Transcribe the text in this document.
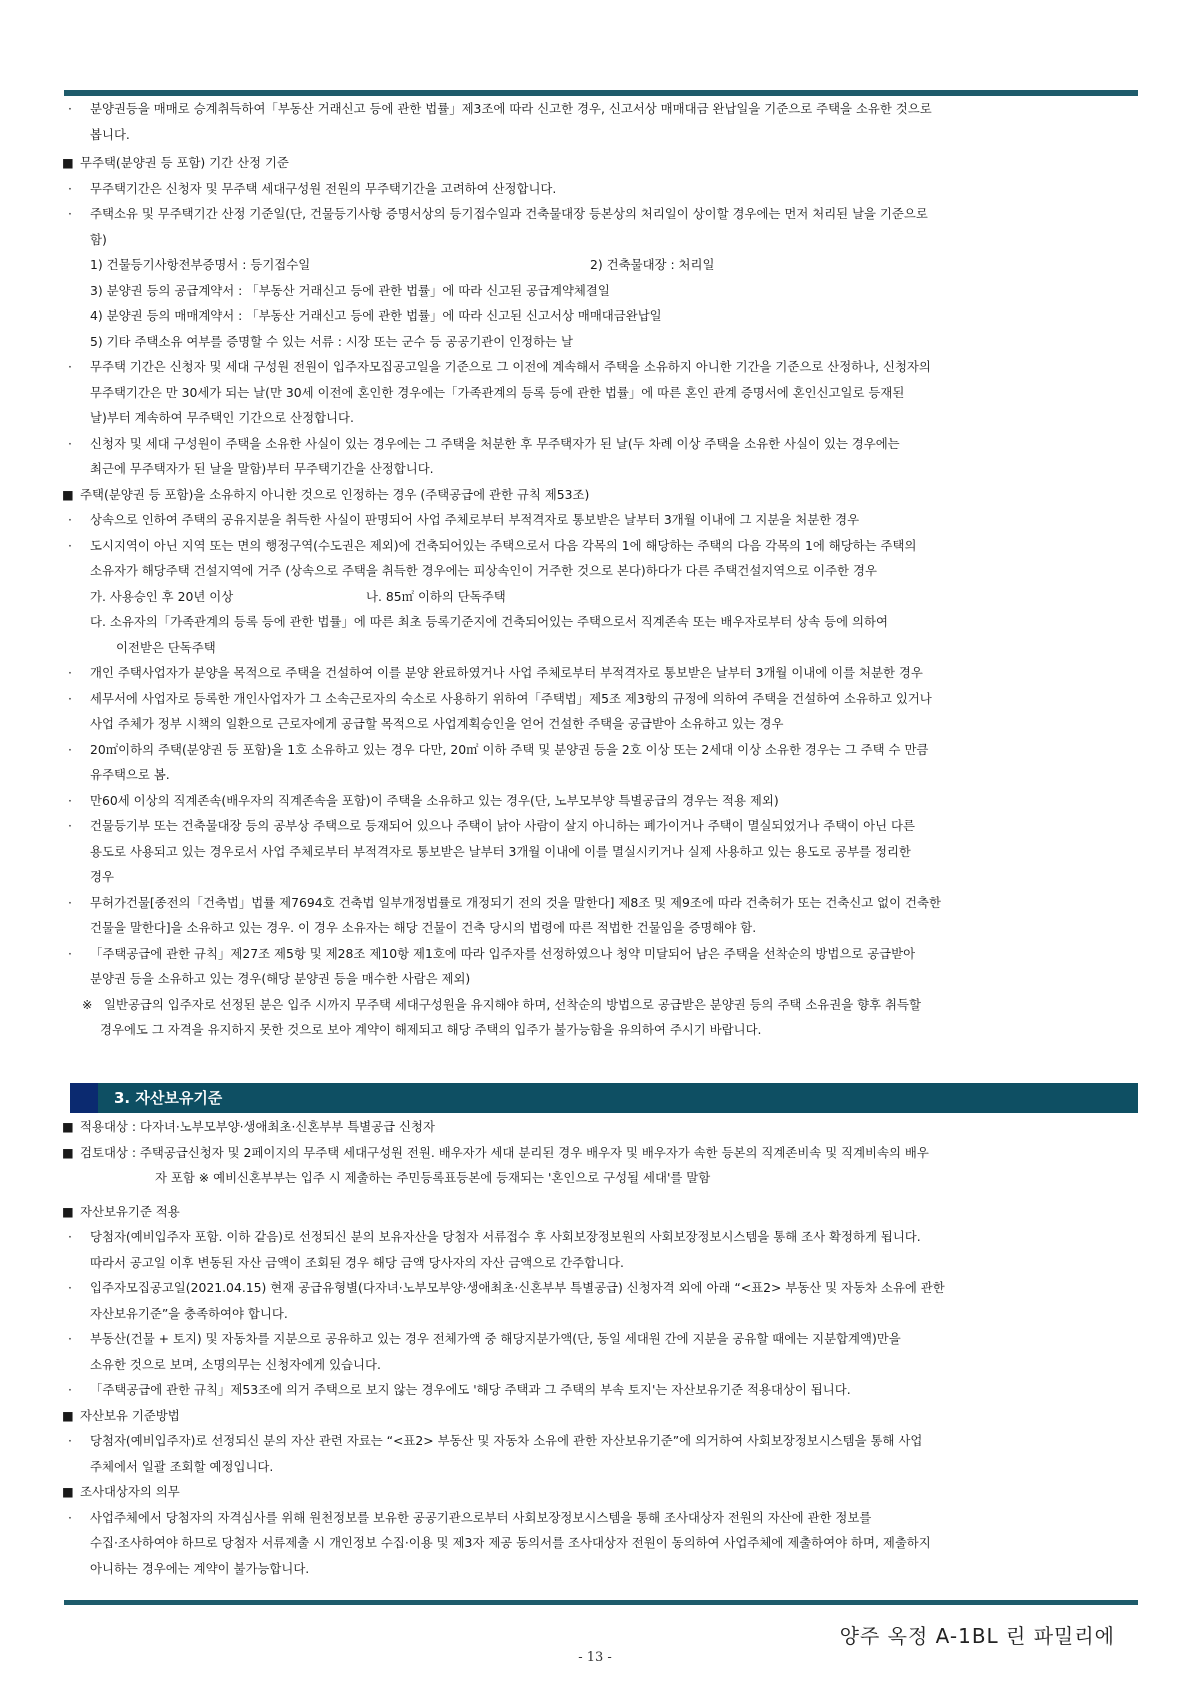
· 분양권등을 매매로 승계취득하여「부동산 거래신고 등에 관한 법률」제3조에 따라 신고한 경우, 신고서상 매매대금 완납일을 기준으로 주택을 소유한 것으로
봅니다.
■ 무주택(분양권 등 포함) 기간 산정 기준
· 무주택기간은 신청자 및 무주택 세대구성원 전원의 무주택기간을 고려하여 산정합니다.
· 주택소유 및 무주택기간 산정 기준일(단, 건물등기사항 증명서상의 등기접수일과 건축물대장 등본상의 처리일이 상이할 경우에는 먼저 처리된 날을 기준으로
함)
1) 건물등기사항전부증명서 : 등기접수일	2) 건축물대장 : 처리일
3) 분양권 등의 공급계약서 : 「부동산 거래신고 등에 관한 법률」에 따라 신고된 공급계약체결일
4) 분양권 등의 매매계약서 : 「부동산 거래신고 등에 관한 법률」에 따라 신고된 신고서상 매매대금완납일
5) 기타 주택소유 여부를 증명할 수 있는 서류 : 시장 또는 군수 등 공공기관이 인정하는 날
· 무주택 기간은 신청자 및 세대 구성원 전원이 입주자모집공고일을 기준으로 그 이전에 계속해서 주택을 소유하지 아니한 기간을 기준으로 산정하나, 신청자의
무주택기간은 만 30세가 되는 날(만 30세 이전에 혼인한 경우에는「가족관계의 등록 등에 관한 법률」에 따른 혼인 관계 증명서에 혼인신고일로 등재된
날)부터 계속하여 무주택인 기간으로 산정합니다.
· 신청자 및 세대 구성원이 주택을 소유한 사실이 있는 경우에는 그 주택을 처분한 후 무주택자가 된 날(두 차례 이상 주택을 소유한 사실이 있는 경우에는
최근에 무주택자가 된 날을 말함)부터 무주택기간을 산정합니다.
■ 주택(분양권 등 포함)을 소유하지 아니한 것으로 인정하는 경우 (주택공급에 관한 규칙 제53조)
· 상속으로 인하여 주택의 공유지분을 취득한 사실이 판명되어 사업 주체로부터 부적격자로 통보받은 날부터 3개월 이내에 그 지분을 처분한 경우
· 도시지역이 아닌 지역 또는 면의 행정구역(수도권은 제외)에 건축되어있는 주택으로서 다음 각목의 1에 해당하는 주택의 다음 각목의 1에 해당하는 주택의
소유자가 해당주택 건설지역에 거주 (상속으로 주택을 취득한 경우에는 피상속인이 거주한 것으로 본다)하다가 다른 주택건설지역으로 이주한 경우
가. 사용승인 후 20년 이상	나. 85㎡ 이하의 단독주택
다. 소유자의「가족관계의 등록 등에 관한 법률」에 따른 최초 등록기준지에 건축되어있는 주택으로서 직계존속 또는 배우자로부터 상속 등에 의하여
이전받은 단독주택
· 개인 주택사업자가 분양을 목적으로 주택을 건설하여 이를 분양 완료하였거나 사업 주체로부터 부적격자로 통보받은 날부터 3개월 이내에 이를 처분한 경우
· 세무서에 사업자로 등록한 개인사업자가 그 소속근로자의 숙소로 사용하기 위하여「주택법」제5조 제3항의 규정에 의하여 주택을 건설하여 소유하고 있거나
사업 주체가 정부 시책의 일환으로 근로자에게 공급할 목적으로 사업계획승인을 얻어 건설한 주택을 공급받아 소유하고 있는 경우
· 20㎡이하의 주택(분양권 등 포함)을 1호 소유하고 있는 경우 다만, 20㎡ 이하 주택 및 분양권 등을 2호 이상 또는 2세대 이상 소유한 경우는 그 주택 수 만큼
유주택으로 봄.
· 만60세 이상의 직계존속(배우자의 직계존속을 포함)이 주택을 소유하고 있는 경우(단, 노부모부양 특별공급의 경우는 적용 제외)
· 건물등기부 또는 건축물대장 등의 공부상 주택으로 등재되어 있으나 주택이 낡아 사람이 살지 아니하는 폐가이거나 주택이 멸실되었거나 주택이 아닌 다른
용도로 사용되고 있는 경우로서 사업 주체로부터 부적격자로 통보받은 날부터 3개월 이내에 이를 멸실시키거나 실제 사용하고 있는 용도로 공부를 정리한
경우
· 무허가건물[종전의「건축법」법률 제7694호 건축법 일부개정법률로 개정되기 전의 것을 말한다] 제8조 및 제9조에 따라 건축허가 또는 건축신고 없이 건축한
건물을 말한다]을 소유하고 있는 경우. 이 경우 소유자는 해당 건물이 건축 당시의 법령에 따른 적법한 건물임을 증명해야 함.
· 「주택공급에 관한 규칙」제27조 제5항 및 제28조 제10항 제1호에 따라 입주자를 선정하였으나 청약 미달되어 남은 주택을 선착순의 방법으로 공급받아
분양권 등을 소유하고 있는 경우(해당 분양권 등을 매수한 사람은 제외)
※ 일반공급의 입주자로 선정된 분은 입주 시까지 무주택 세대구성원을 유지해야 하며, 선착순의 방법으로 공급받은 분양권 등의 주택 소유권을 향후 취득할
경우에도 그 자격을 유지하지 못한 것으로 보아 계약이 해제되고 해당 주택의 입주가 불가능함을 유의하여 주시기 바랍니다.
3. 자산보유기준
■ 적용대상 : 다자녀·노부모부양·생애최초·신혼부부 특별공급 신청자
■ 검토대상 : 주택공급신청자 및 2페이지의 무주택 세대구성원 전원. 배우자가 세대 분리된 경우 배우자 및 배우자가 속한 등본의 직계존비속 및 직계비속의 배우
자 포함 ※ 예비신혼부부는 입주 시 제출하는 주민등록표등본에 등재되는 '혼인으로 구성될 세대'를 말함
■ 자산보유기준 적용
· 당첨자(예비입주자 포함. 이하 같음)로 선정되신 분의 보유자산을 당첨자 서류접수 후 사회보장정보원의 사회보장정보시스템을 통해 조사 확정하게 됩니다.
따라서 공고일 이후 변동된 자산 금액이 조회된 경우 해당 금액 당사자의 자산 금액으로 간주합니다.
· 입주자모집공고일(2021.04.15) 현재 공급유형별(다자녀·노부모부양·생애최초·신혼부부 특별공급) 신청자격 외에 아래 “<표2> 부동산 및 자동차 소유에 관한
자산보유기준”을 충족하여야 합니다.
· 부동산(건물 + 토지) 및 자동차를 지분으로 공유하고 있는 경우 전체가액 중 해당지분가액(단, 동일 세대원 간에 지분을 공유할 때에는 지분합계액)만을
소유한 것으로 보며, 소명의무는 신청자에게 있습니다.
· 「주택공급에 관한 규칙」제53조에 의거 주택으로 보지 않는 경우에도 '해당 주택과 그 주택의 부속 토지'는 자산보유기준 적용대상이 됩니다.
■ 자산보유 기준방법
· 당첨자(예비입주자)로 선정되신 분의 자산 관련 자료는 “<표2> 부동산 및 자동차 소유에 관한 자산보유기준”에 의거하여 사회보장정보시스템을 통해 사업
주체에서 일괄 조회할 예정입니다.
■ 조사대상자의 의무
· 사업주체에서 당첨자의 자격심사를 위해 원천정보를 보유한 공공기관으로부터 사회보장정보시스템을 통해 조사대상자 전원의 자산에 관한 정보를
수집·조사하여야 하므로 당첨자 서류제출 시 개인정보 수집·이용 및 제3자 제공 동의서를 조사대상자 전원이 동의하여 사업주체에 제출하여야 하며, 제출하지
아니하는 경우에는 계약이 불가능합니다.
양주 옥정 A-1BL 린 파밀리에
- 13 -
